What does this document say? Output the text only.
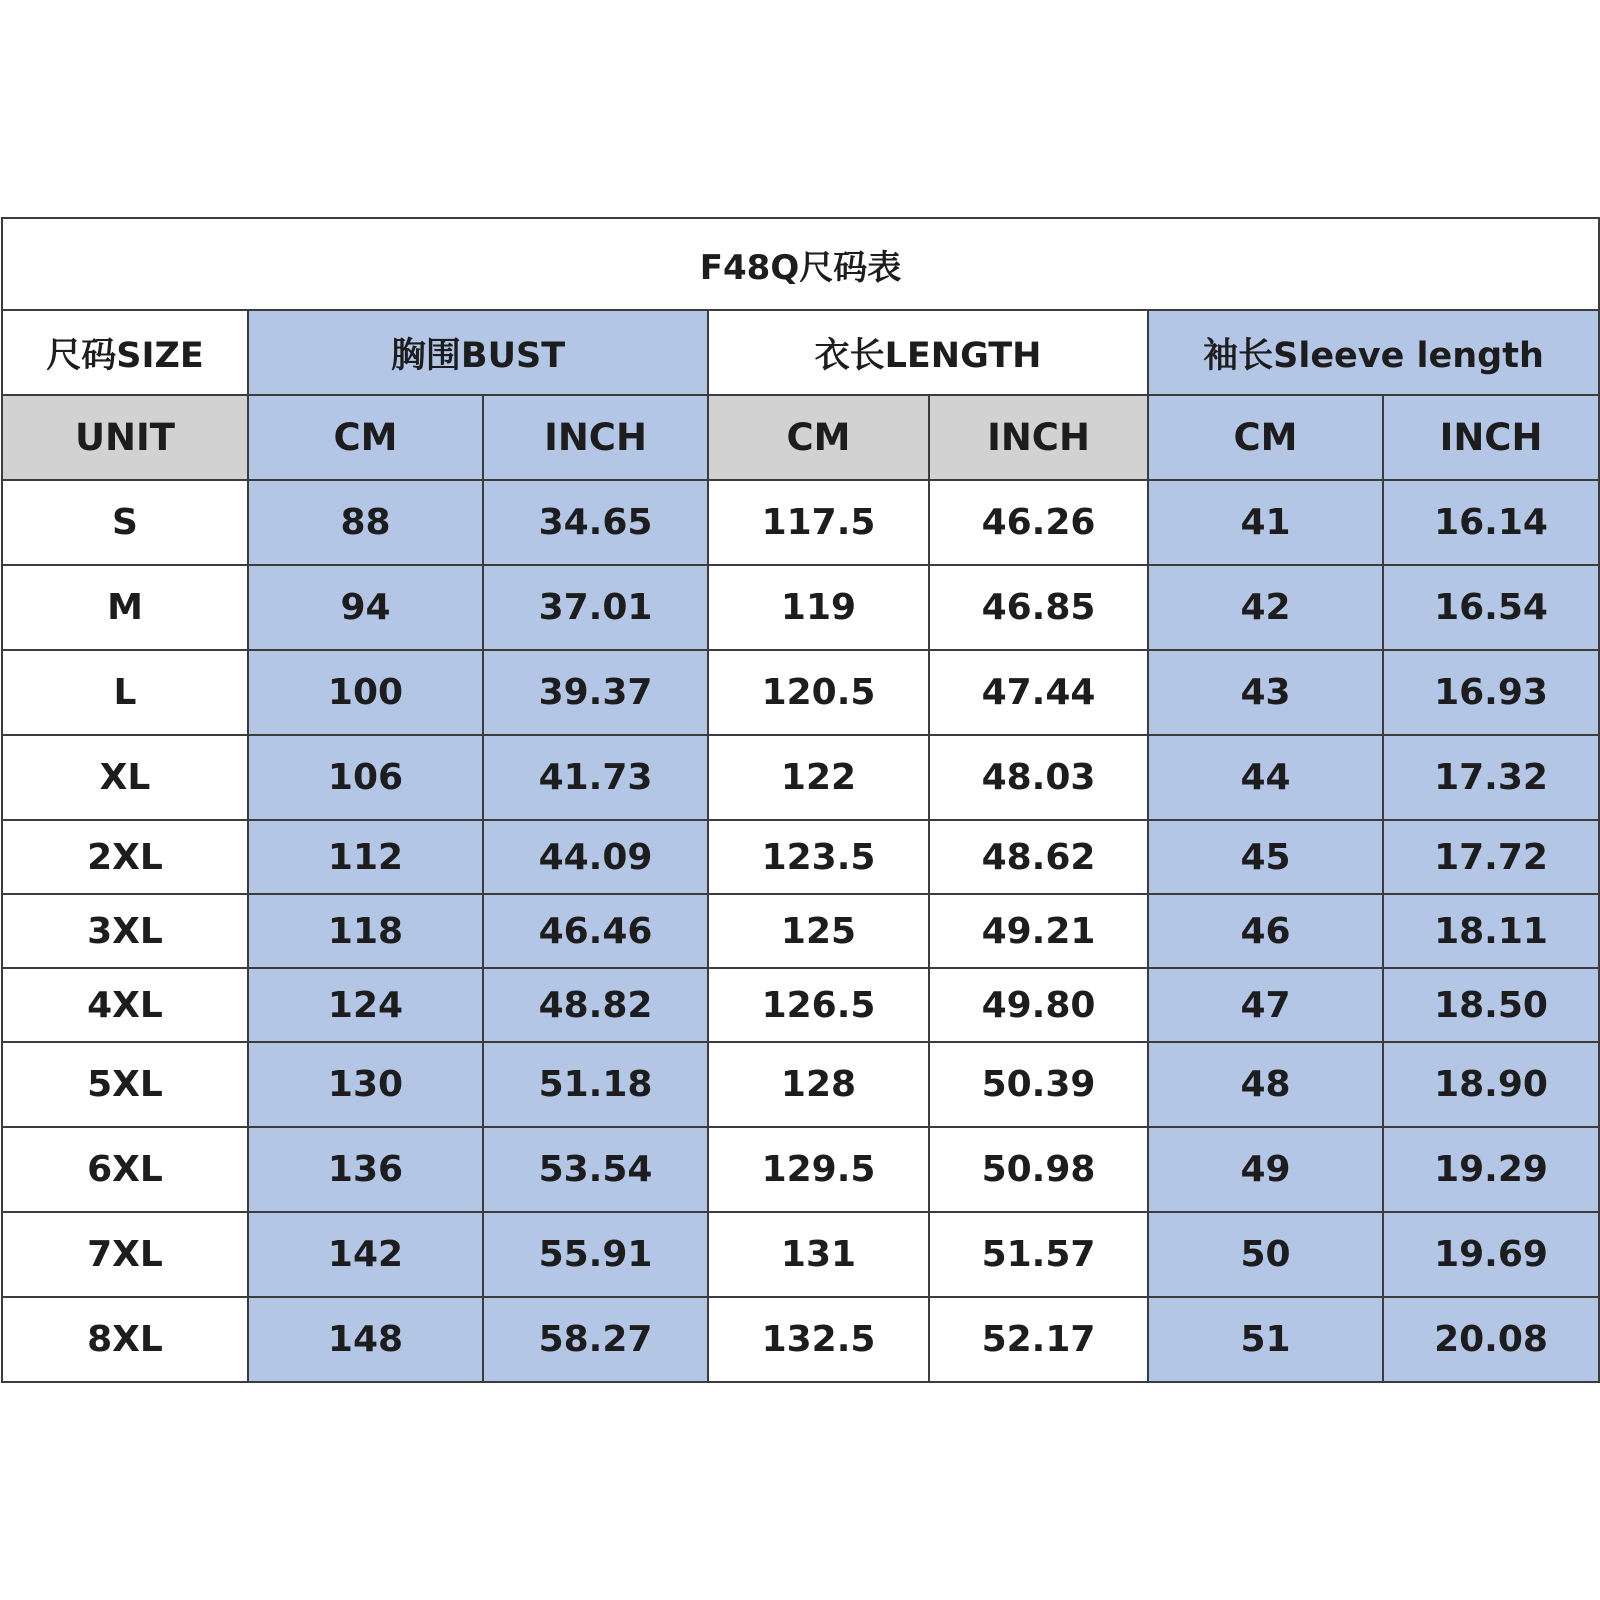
F48Q尺码表						
尺码SIZE	胸围BUST		衣长LENGTH		袖长Sleeve length	
UNIT	CM	INCH	CM	INCH	CM	INCH
S	88	34.65	117.5	46.26	41	16.14
M	94	37.01	119	46.85	42	16.54
L	100	39.37	120.5	47.44	43	16.93
XL	106	41.73	122	48.03	44	17.32
2XL	112	44.09	123.5	48.62	45	17.72
3XL	118	46.46	125	49.21	46	18.11
4XL	124	48.82	126.5	49.80	47	18.50
5XL	130	51.18	128	50.39	48	18.90
6XL	136	53.54	129.5	50.98	49	19.29
7XL	142	55.91	131	51.57	50	19.69
8XL	148	58.27	132.5	52.17	51	20.08
